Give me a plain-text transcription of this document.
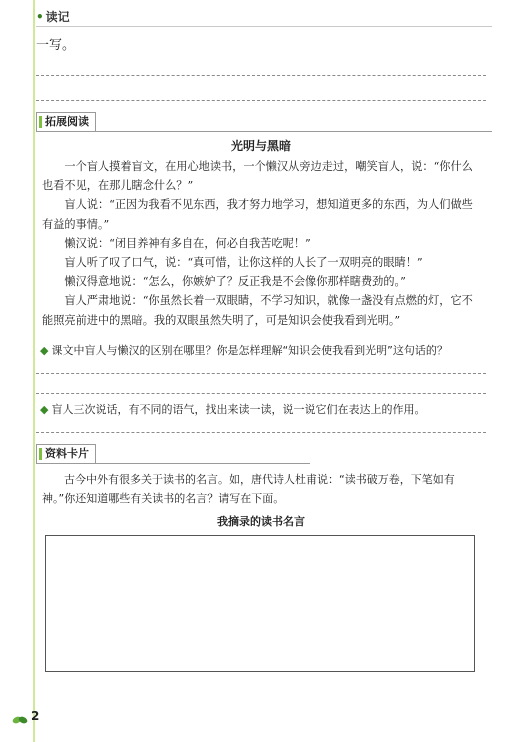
• 读记
一写。
拓展阅读
光明与黑暗

一个盲人摸着盲文，在用心地读书，一个懒汉从旁边走过，嘲笑盲人，说：“你什么也看不见，在那儿瞎念什么？”

盲人说：“正因为我看不见东西，我才努力地学习，想知道更多的东西，为人们做些有益的事情。”

懒汉说：“闭目养神有多自在，何必自我苦吃呢！”

盲人听了叹了口气，说：“真可惜，让你这样的人长了一双明亮的眼睛！”

懒汉得意地说：“怎么，你嫉妒了？反正我是不会像你那样瞎费劲的。”

盲人严肃地说：“你虽然长着一双眼睛，不学习知识，就像一盏没有点燃的灯，它不能照亮前进中的黑暗。我的双眼虽然失明了，可是知识会使我看到光明。”

◆ 课文中盲人与懒汉的区别在哪里？你是怎样理解“知识会使我看到光明”这句话的？
◆ 盲人三次说话，有不同的语气，找出来读一读，说一说它们在表达上的作用。
资料卡片

古今中外有很多关于读书的名言。如，唐代诗人杜甫说：“读书破万卷，下笔如有神。”你还知道哪些有关读书的名言？请写在下面。

我摘录的读书名言
2
